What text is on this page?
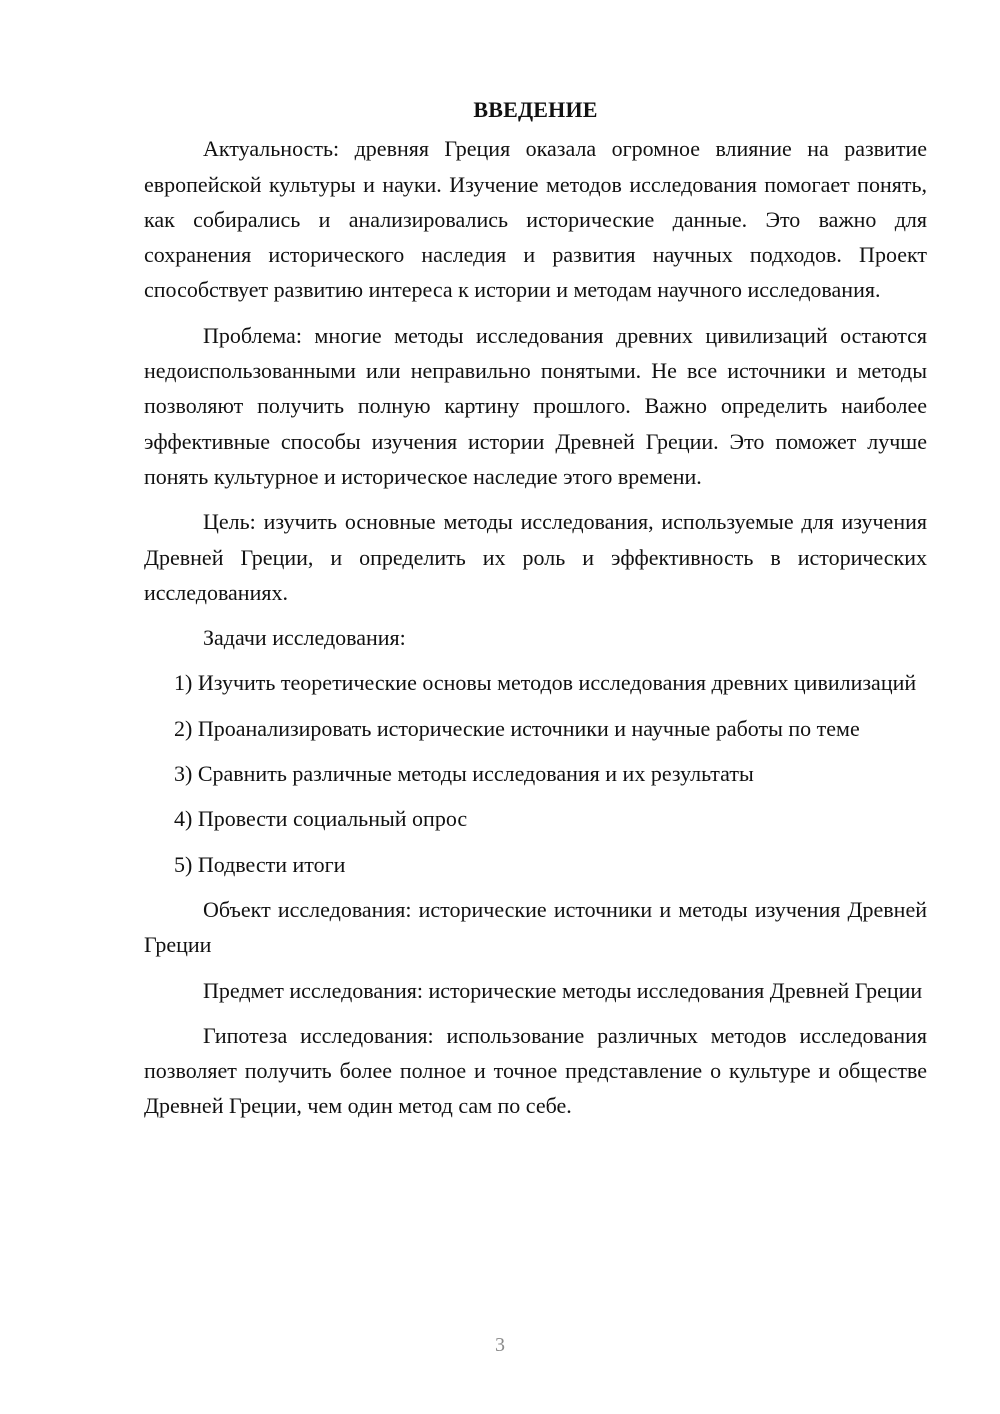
ВВЕДЕНИЕ

Актуальность: древняя Греция оказала огромное влияние на развитие европейской культуры и науки. Изучение методов исследования помогает понять, как собирались и анализировались исторические данные. Это важно для сохранения исторического наследия и развития научных подходов. Проект способствует развитию интереса к истории и методам научного исследования.

Проблема: многие методы исследования древних цивилизаций остаются недоиспользованными или неправильно понятыми. Не все источники и методы позволяют получить полную картину прошлого. Важно определить наиболее эффективные способы изучения истории Древней Греции. Это поможет лучше понять культурное и историческое наследие этого времени.

Цель: изучить основные методы исследования, используемые для изучения Древней Греции, и определить их роль и эффективность в исторических исследованиях.

Задачи исследования:

1) Изучить теоретические основы методов исследования древних цивилизаций

2) Проанализировать исторические источники и научные работы по теме

3) Сравнить различные методы исследования и их результаты

4) Провести социальный опрос

5) Подвести итоги

Объект исследования: исторические источники и методы изучения Древней Греции

Предмет исследования: исторические методы исследования Древней Греции

Гипотеза исследования: использование различных методов исследования позволяет получить более полное и точное представление о культуре и обществе Древней Греции, чем один метод сам по себе.

3
